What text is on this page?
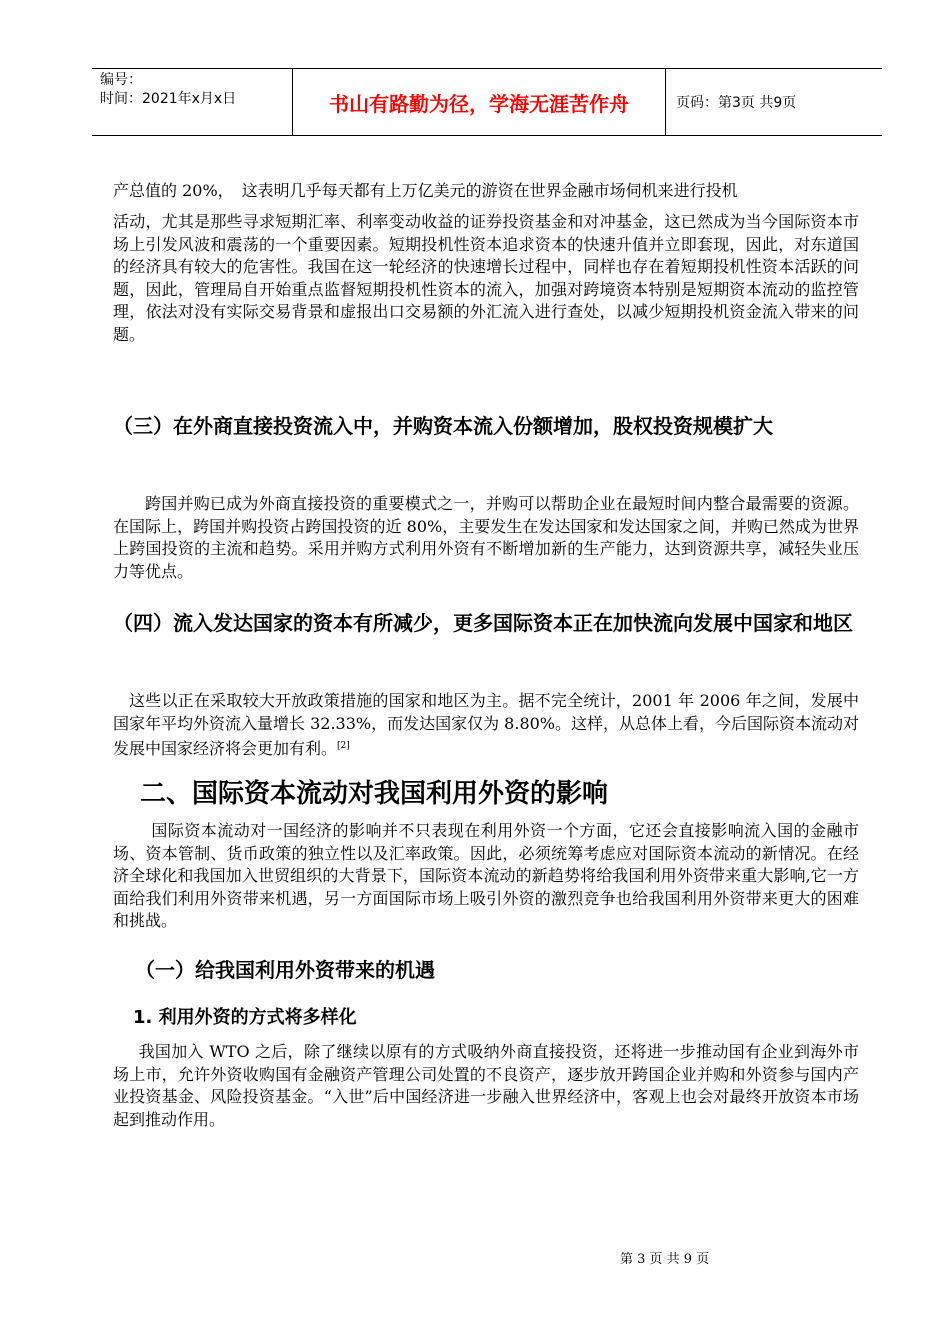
编号：
时间：2021年x月x日	书山有路勤为径，学海无涯苦作舟	页码：第3页 共9页

产总值的 20%，　这表明几乎每天都有上万亿美元的游资在世界金融市场伺机来进行投机

活动，尤其是那些寻求短期汇率、利率变动收益的证券投资基金和对冲基金，这已然成为当今国际资本市场上引发风波和震荡的一个重要因素。短期投机性资本追求资本的快速升值并立即套现，因此，对东道国的经济具有较大的危害性。我国在这一轮经济的快速增长过程中，同样也存在着短期投机性资本活跃的问题，因此，管理局自开始重点监督短期投机性资本的流入，加强对跨境资本特别是短期资本流动的监控管理，依法对没有实际交易背景和虚报出口交易额的外汇流入进行查处，以减少短期投机资金流入带来的问题。

（三）在外商直接投资流入中，并购资本流入份额增加，股权投资规模扩大

跨国并购已成为外商直接投资的重要模式之一，并购可以帮助企业在最短时间内整合最需要的资源。在国际上，跨国并购投资占跨国投资的近 80%，主要发生在发达国家和发达国家之间，并购已然成为世界上跨国投资的主流和趋势。采用并购方式利用外资有不断增加新的生产能力，达到资源共享，减轻失业压力等优点。

（四）流入发达国家的资本有所减少，更多国际资本正在加快流向发展中国家和地区

这些以正在采取较大开放政策措施的国家和地区为主。据不完全统计，2001 年 2006 年之间，发展中国家年平均外资流入量增长 32.33%，而发达国家仅为 8.80%。这样，从总体上看，今后国际资本流动对发展中国家经济将会更加有利。[2]

二、国际资本流动对我国利用外资的影响

国际资本流动对一国经济的影响并不只表现在利用外资一个方面，它还会直接影响流入国的金融市场、资本管制、货币政策的独立性以及汇率政策。因此，必须统筹考虑应对国际资本流动的新情况。在经济全球化和我国加入世贸组织的大背景下，国际资本流动的新趋势将给我国利用外资带来重大影响,它一方面给我们利用外资带来机遇，另一方面国际市场上吸引外资的激烈竞争也给我国利用外资带来更大的困难和挑战。

（一）给我国利用外资带来的机遇
1. 利用外资的方式将多样化

我国加入 WTO 之后，除了继续以原有的方式吸纳外商直接投资，还将进一步推动国有企业到海外市场上市，允许外资收购国有金融资产管理公司处置的不良资产，逐步放开跨国企业并购和外资参与国内产业投资基金、风险投资基金。“入世”后中国经济进一步融入世界经济中，客观上也会对最终开放资本市场起到推动作用。

第 3 页 共 9 页
